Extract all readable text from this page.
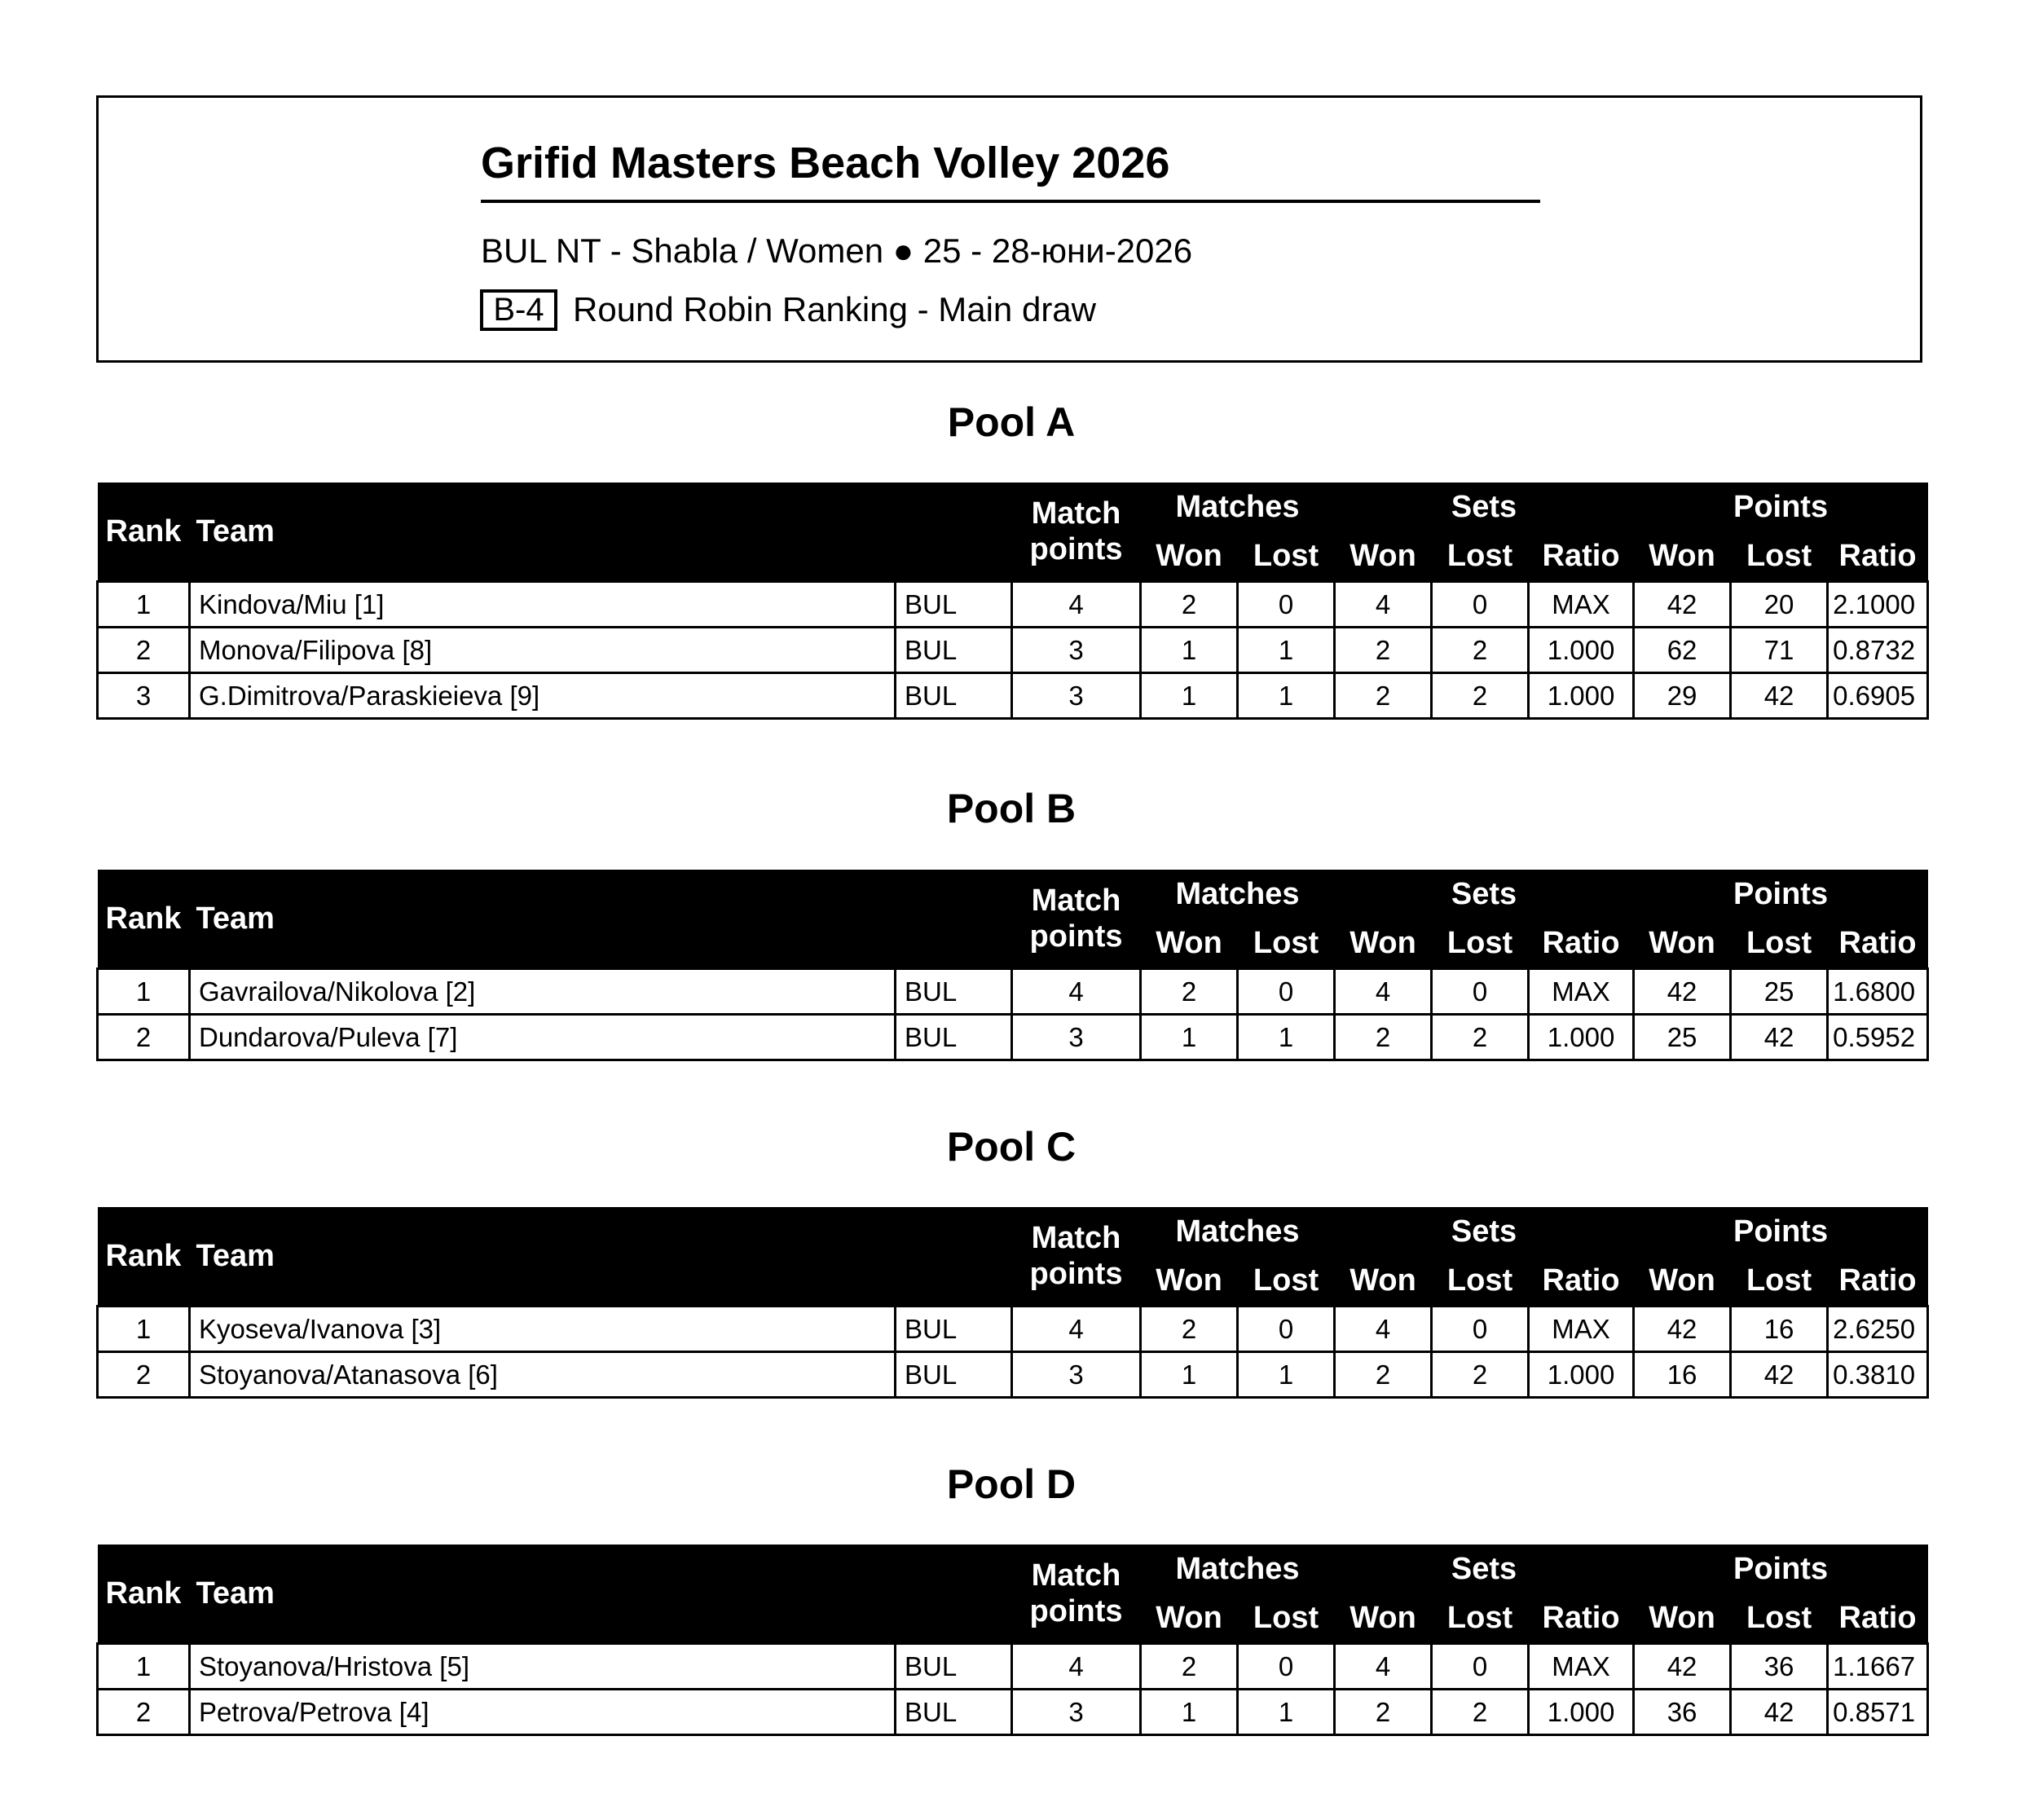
Grifid Masters Beach Volley 2026
BUL NT - Shabla / Women ● 25 - 28-юни-2026
B-4 Round Robin Ranking - Main draw
Pool A
Rank	Team		Match
points	Matches		Sets			Points		
				Won	Lost	Won	Lost	Ratio	Won	Lost	Ratio
1	Kindova/Miu [1]	BUL	4	2	0	4	0	MAX	42	20	2.1000
2	Monova/Filipova [8]	BUL	3	1	1	2	2	1.000	62	71	0.8732
3	G.Dimitrova/Paraskieieva [9]	BUL	3	1	1	2	2	1.000	29	42	0.6905
Pool B
Rank	Team		Match
points	Matches		Sets			Points		
				Won	Lost	Won	Lost	Ratio	Won	Lost	Ratio
1	Gavrailova/Nikolova [2]	BUL	4	2	0	4	0	MAX	42	25	1.6800
2	Dundarova/Puleva [7]	BUL	3	1	1	2	2	1.000	25	42	0.5952
Pool C
Rank	Team		Match
points	Matches		Sets			Points		
				Won	Lost	Won	Lost	Ratio	Won	Lost	Ratio
1	Kyoseva/Ivanova [3]	BUL	4	2	0	4	0	MAX	42	16	2.6250
2	Stoyanova/Atanasova [6]	BUL	3	1	1	2	2	1.000	16	42	0.3810
Pool D
Rank	Team		Match
points	Matches		Sets			Points		
				Won	Lost	Won	Lost	Ratio	Won	Lost	Ratio
1	Stoyanova/Hristova [5]	BUL	4	2	0	4	0	MAX	42	36	1.1667
2	Petrova/Petrova [4]	BUL	3	1	1	2	2	1.000	36	42	0.8571
